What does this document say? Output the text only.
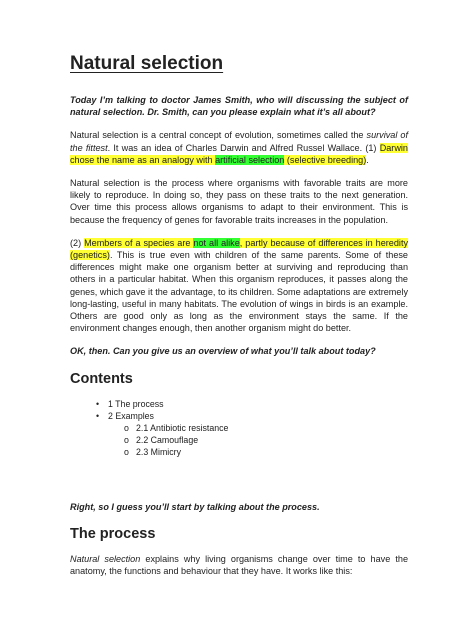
Natural selection

Today I’m talking to doctor James Smith, who will discussing the subject of natural selection. Dr. Smith, can you please explain what it’s all about?

Natural selection is a central concept of evolution, sometimes called the survival of the fittest. It was an idea of Charles Darwin and Alfred Russel Wallace. (1) Darwin chose the name as an analogy with artificial selection (selective breeding).

Natural selection is the process where organisms with favorable traits are more likely to reproduce. In doing so, they pass on these traits to the next generation. Over time this process allows organisms to adapt to their environment. This is because the frequency of genes for favorable traits increases in the population.

(2) Members of a species are not all alike, partly because of differences in heredity (genetics). This is true even with children of the same parents. Some of these differences might make one organism better at surviving and reproducing than others in a particular habitat. When this organism reproduces, it passes along the genes, which gave it the advantage, to its children. Some adaptations are extremely long-lasting, useful in many habitats. The evolution of wings in birds is an example. Others are good only as long as the environment stays the same. If the environment changes enough, then another organism might do better.

OK, then. Can you give us an overview of what you’ll talk about today?

Contents
• 1 The process
• 2 Examples
o 2.1 Antibiotic resistance
o 2.2 Camouflage
o 2.3 Mimicry

Right, so I guess you’ll start by talking about the process.

The process

Natural selection explains why living organisms change over time to have the anatomy, the functions and behaviour that they have. It works like this:
